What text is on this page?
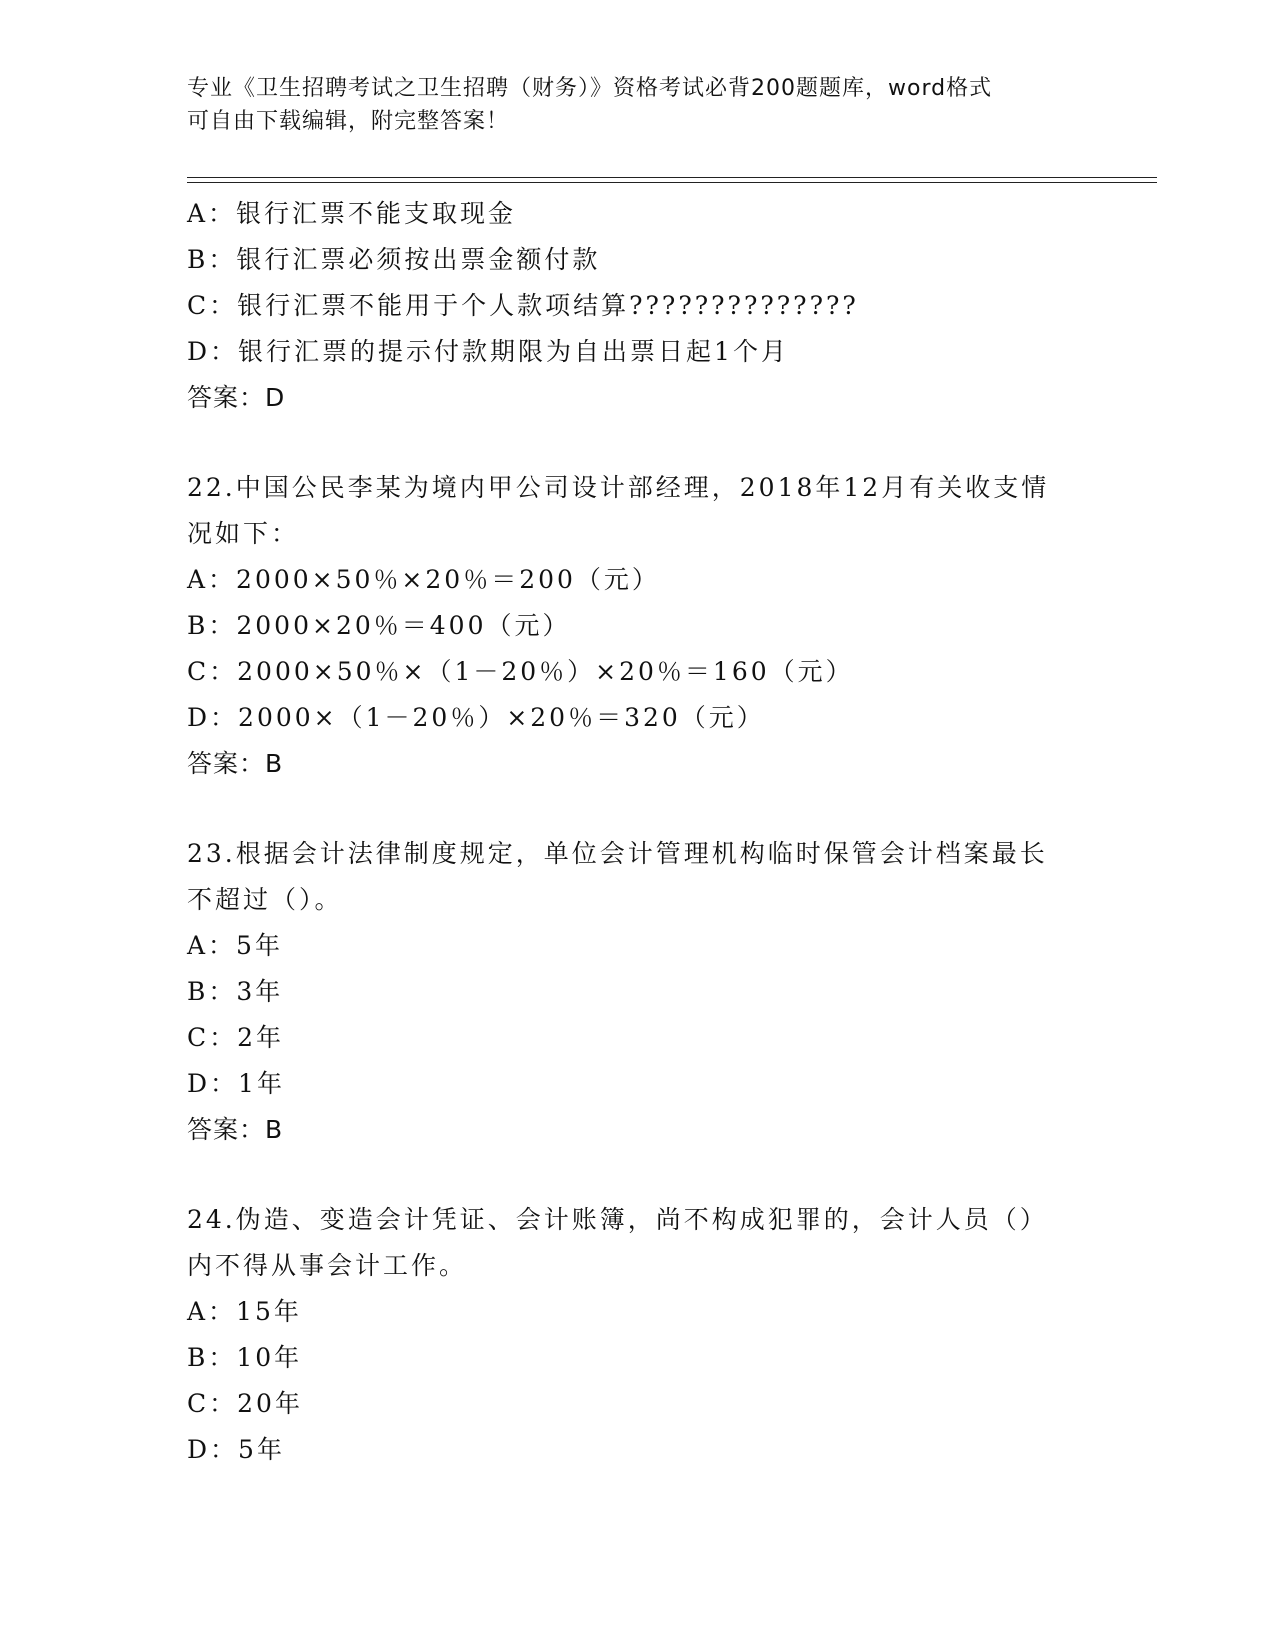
专业《卫生招聘考试之卫生招聘（财务）》资格考试必背200题题库，word格式
可自由下载编辑，附完整答案！
A：银行汇票不能支取现金
B：银行汇票必须按出票金额付款
C：银行汇票不能用于个人款项结算??????????????
D：银行汇票的提示付款期限为自出票日起1个月
答案：D
22.中国公民李某为境内甲公司设计部经理，2018年12月有关收支情
况如下：
A：2000×50％×20％＝200（元）
B：2000×20％＝400（元）
C：2000×50％×（1－20％）×20％＝160（元）
D：2000×（1－20％）×20％＝320（元）
答案：B
23.根据会计法律制度规定，单位会计管理机构临时保管会计档案最长
不超过（）。
A：5年
B：3年
C：2年
D：1年
答案：B
24.伪造、变造会计凭证、会计账簿，尚不构成犯罪的，会计人员（）
内不得从事会计工作。
A：15年
B：10年
C：20年
D：5年
